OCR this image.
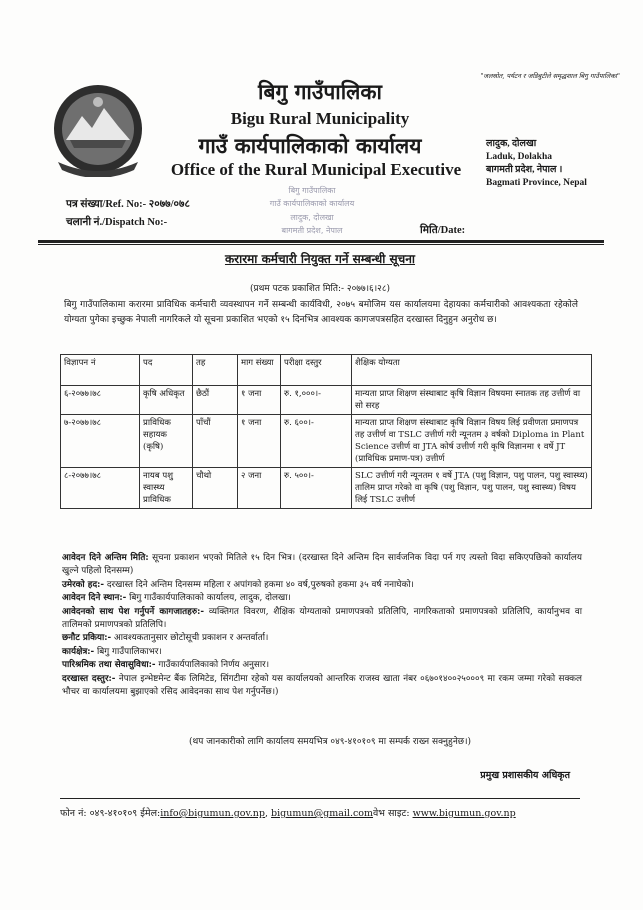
"जलस्रोत, पर्यटन र जडिबुटीले समृद्धशाल बिगु गाउँपालिका"
बिगु गाउँपालिका
Bigu Rural Municipality
गाउँ कार्यपालिकाको कार्यालय
Office of the Rural Municipal Executive
लादुक, दोलखा
Laduk, Dolakha
बागमती प्रदेश, नेपाल ।
Bagmati Province, Nepal
पत्र संख्या/Ref. No:- २०७७/०७८
चलानी नं./Dispatch No:-
बिगु गाउँपालिका
गाउँ कार्यपालिकाको कार्यालय
लादुक, दोलखा
बागमती प्रदेश, नेपाल	मिति/Date:
करारमा कर्मचारी नियुक्त गर्ने सम्बन्धी सूचना
(प्रथम पटक प्रकाशित मिति:- २०७७।६।२८)
बिगु गाउँपालिकामा करारमा प्राविधिक कर्मचारी व्यवस्थापन गर्ने सम्बन्धी कार्यविधी, २०७५ बमोजिम यस कार्यालयमा देहायका कर्मचारीको आवश्यकता रहेकोले योग्यता पुगेका इच्छुक नेपाली नागरिकले यो सूचना प्रकाशित भएको १५ दिनभित्र आवश्यक कागजपत्रसहित दरखास्त दिनुहुन अनुरोध छ।
विज्ञापन नं	पद	तह	माग संख्या	परीक्षा दस्तुर	शैक्षिक योग्यता
६-२०७७।७८	कृषि अधिकृत	छैठौं	१ जना	रु. १,०००।-	मान्यता प्राप्त शिक्षण संस्थाबाट कृषि विज्ञान विषयमा स्नातक तह उत्तीर्ण वा सो सरह
७-२०७७।७८	प्राविधिक सहायक (कृषि)	पाँचौं	१ जना	रु. ६००।-	मान्यता प्राप्त शिक्षण संस्थाबाट कृषि विज्ञान विषय लिई प्रवीणता प्रमाणपत्र तह उत्तीर्ण वा TSLC उत्तीर्ण गरी न्यूनतम ३ वर्षको Diploma in Plant Science उत्तीर्ण वा JTA कोर्ष उत्तीर्ण गरी कृषि विज्ञानमा १ वर्षे JT (प्राविधिक प्रमाण-पत्र) उत्तीर्ण
८-२०७७।७८	नायब पशु स्वास्थ्य प्राविधिक	चौथो	२ जना	रु. ५००।-	SLC उत्तीर्ण गरी न्यूनतम १ वर्षे JTA (पशु विज्ञान, पशु पालन, पशु स्वास्थ्य) तालिम प्राप्त गरेको वा कृषि (पशु विज्ञान, पशु पालन, पशु स्वास्थ्य) विषय लिई TSLC उत्तीर्ण

आवेदन दिने अन्तिम मिति: सूचना प्रकाशन भएको मितिले १५ दिन भित्र। (दरखास्त दिने अन्तिम दिन सार्वजनिक विदा पर्न गए त्यस्तो विदा सकिएपछिको कार्यालय खुल्ने पहिलो दिनसम्म)

उमेरको हद:- दरखास्त दिने अन्तिम दिनसम्म महिला र अपांगको हकमा ४० वर्ष,पुरुषको हकमा ३५ वर्ष ननाघेको।

आवेदन दिने स्थान:- बिगु गाउँकार्यपालिकाको कार्यालय, लादुक, दोलखा।

आवेदनको साथ पेश गर्नुपर्ने कागजातहरु:- व्यक्तिगत विवरण, शैक्षिक योग्यताको प्रमाणपत्रको प्रतिलिपि, नागरिकताको प्रमाणपत्रको प्रतिलिपि, कार्यानुभव वा तालिमको प्रमाणपत्रको प्रतिलिपि।

छनौट प्रकिया:- आवश्यकतानुसार छोटोसूची प्रकाशन र अन्तर्वार्ता।

कार्यक्षेत्र:- बिगु गाउँपालिकाभर।

पारिश्रमिक तथा सेवासुविधा:- गाउँकार्यपालिकाको निर्णय अनुसार।

दरखास्त दस्तुर:- नेपाल इन्भेष्टमेन्ट बैंक लिमिटेड, सिंगटीमा रहेको यस कार्यालयको आन्तरिक राजस्व खाता नंबर ०६७०१४००२५०००९ मा रकम जम्मा गरेको सक्कल भौचर वा कार्यालयमा बुझाएको रसिद आवेदनका साथ पेश गर्नुपर्नेछ।)

(थप जानकारीको लागि कार्यालय समयभित्र ०४९-४१०१०९ मा सम्पर्क राख्न सक्नुहुनेछ।)
प्रमुख प्रशासकीय अधिकृत
फोन नं: ०४९-४१०१०९ ईमेल:info@bigumun.gov.np, bigumun@gmail.comवेभ साइट: www.bigumun.gov.np
